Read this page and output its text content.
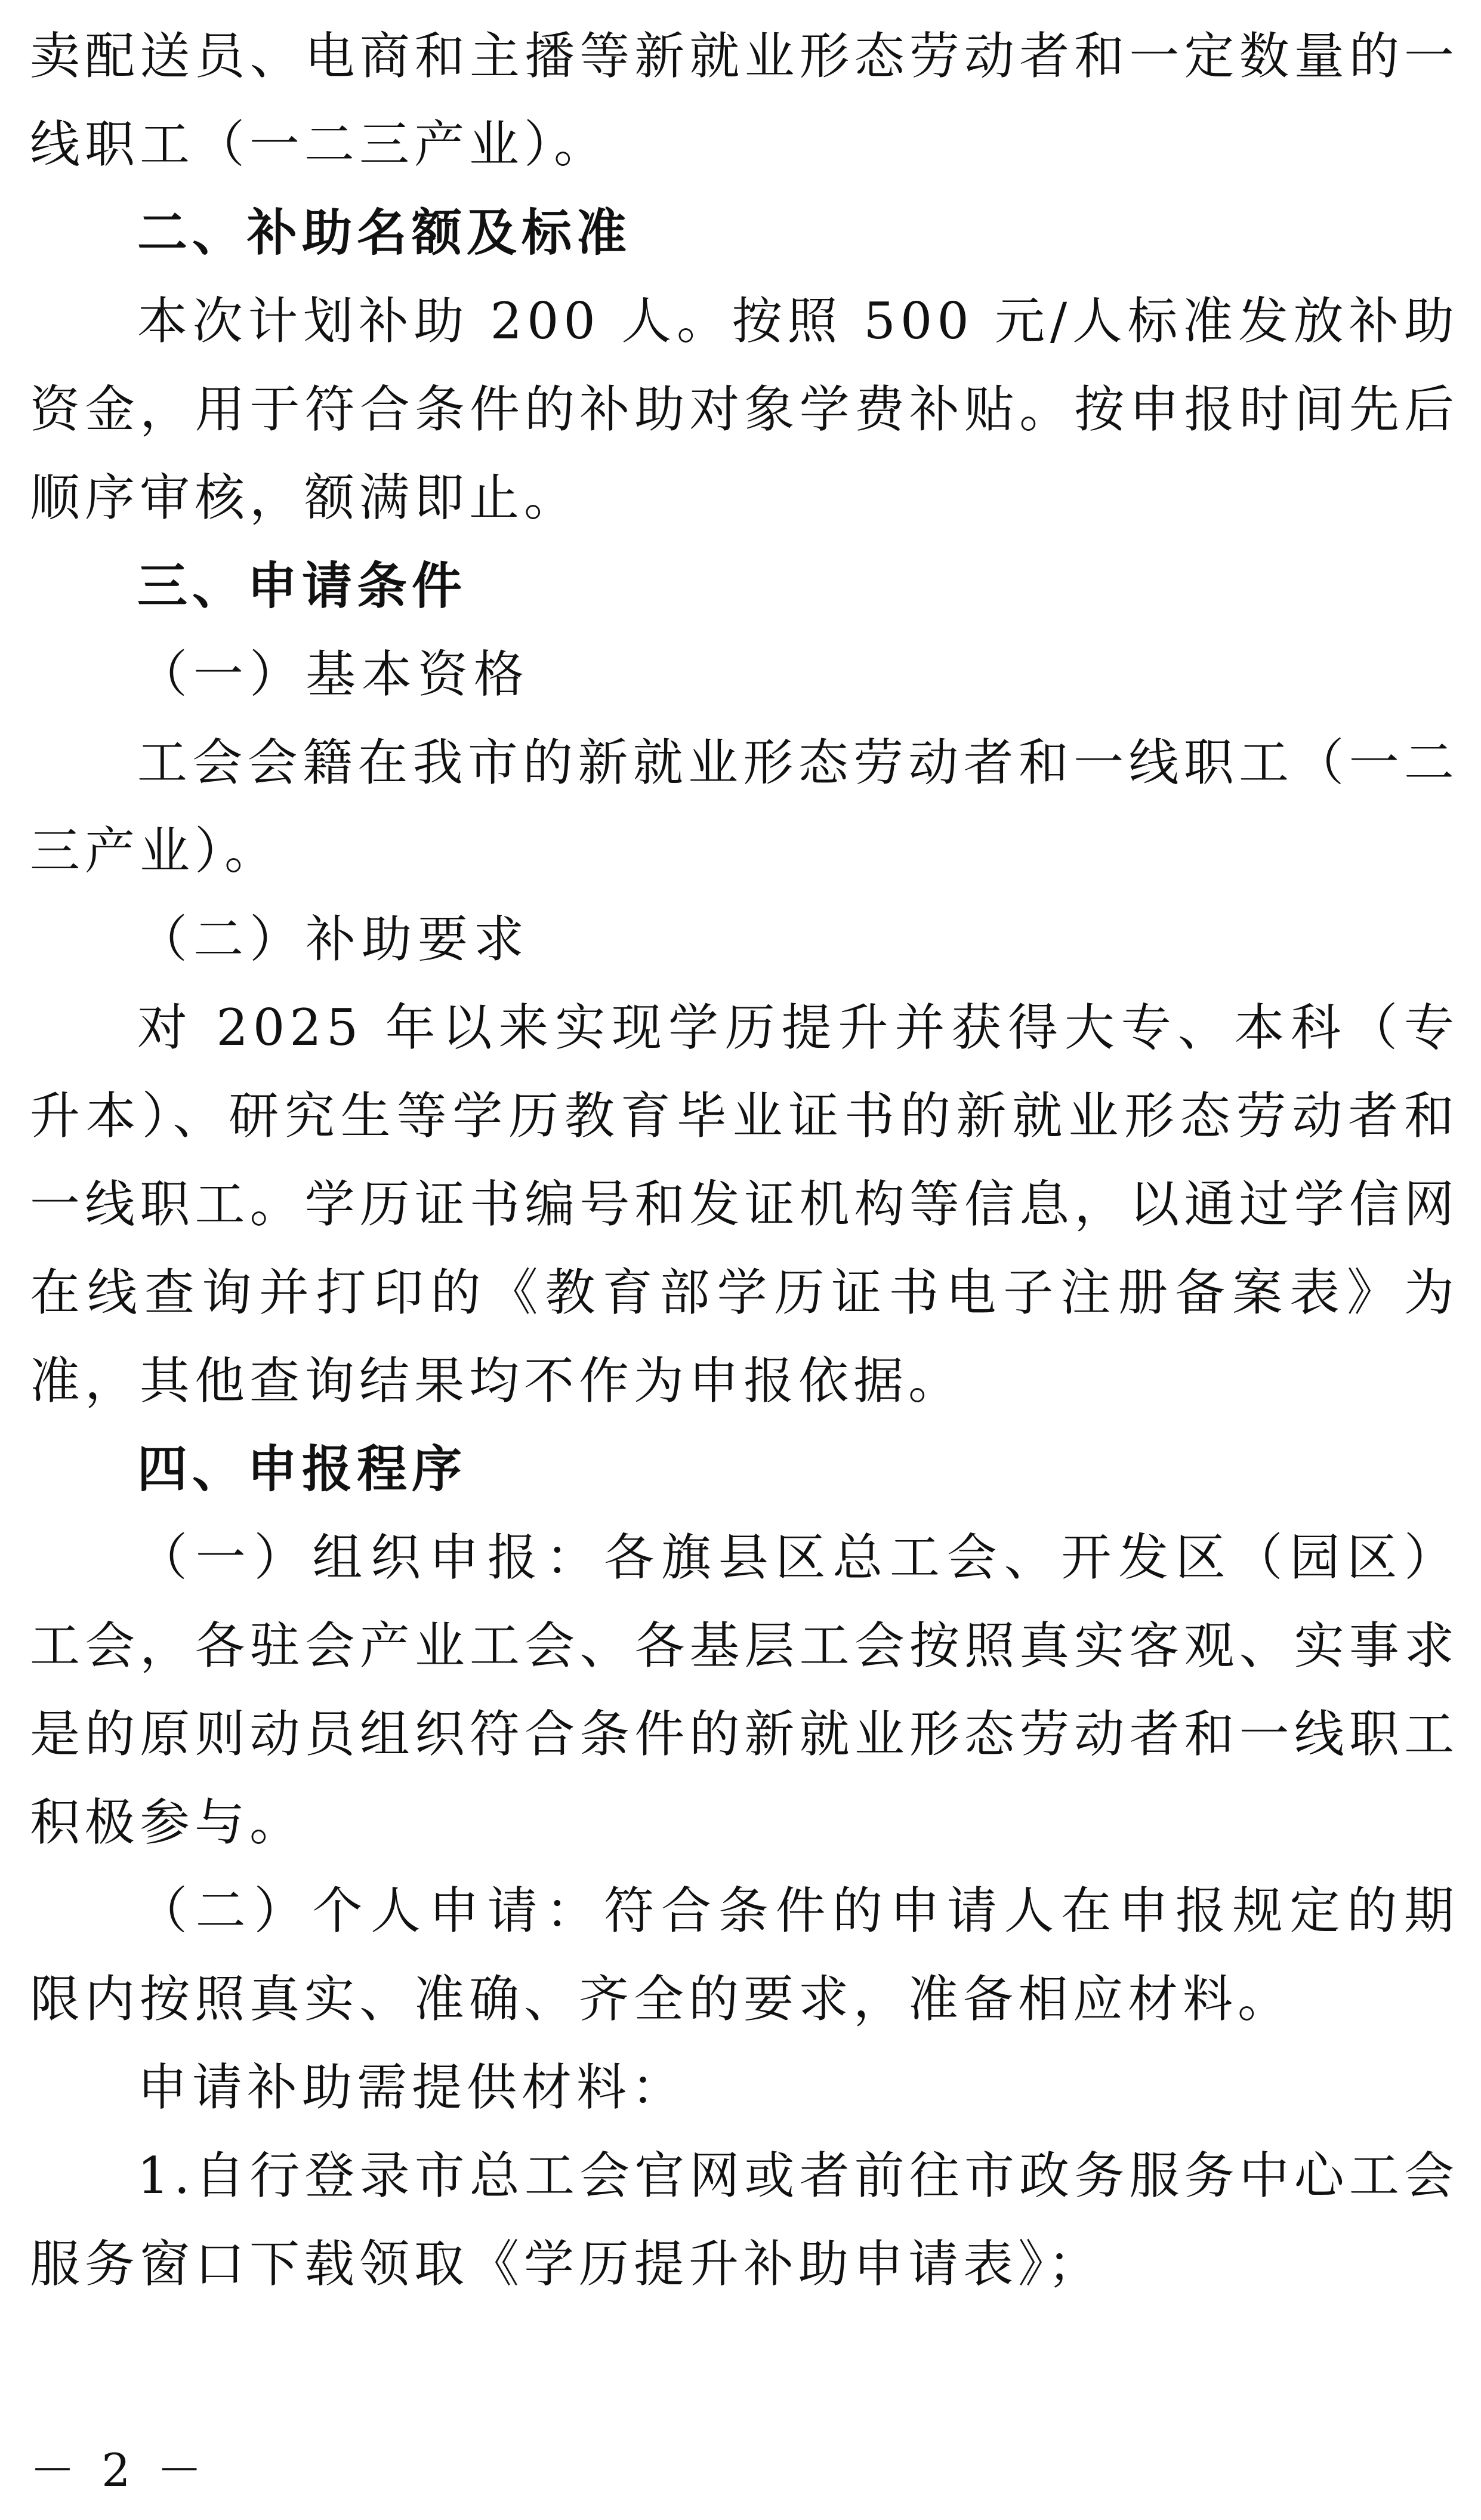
卖配送员、电商和主播等新就业形态劳动者和一定数量的一线职工（一二三产业）。

二、补助名额及标准

本次计划补助 200 人。按照 500 元/人标准发放补助资金，用于符合条件的补助对象学费补贴。按申报时间先后顺序审核，额满即止。

三、申请条件

（一）基本资格

工会会籍在我市的新就业形态劳动者和一线职工（一二三产业）。

（二）补助要求

对 2025 年以来实现学历提升并获得大专、本科（专升本）、研究生等学历教育毕业证书的新就业形态劳动者和一线职工。学历证书编号和发证机构等信息，以通过学信网在线查询并打印的《教育部学历证书电子注册备案表》为准，其他查询结果均不作为申报依据。

四、申报程序

（一）组织申报：各旗县区总工会、开发区（园区）工会，各驻会产业工会、各基层工会按照真实客观、实事求是的原则动员组织符合条件的新就业形态劳动者和一线职工积极参与。

（二）个人申请：符合条件的申请人在申报规定的期限内按照真实、准确、齐全的要求，准备相应材料。

申请补助需提供材料：

1.自行登录市总工会官网或者前往市政务服务中心工会服务窗口下载领取《学历提升补助申请表》；

－ 2 －
